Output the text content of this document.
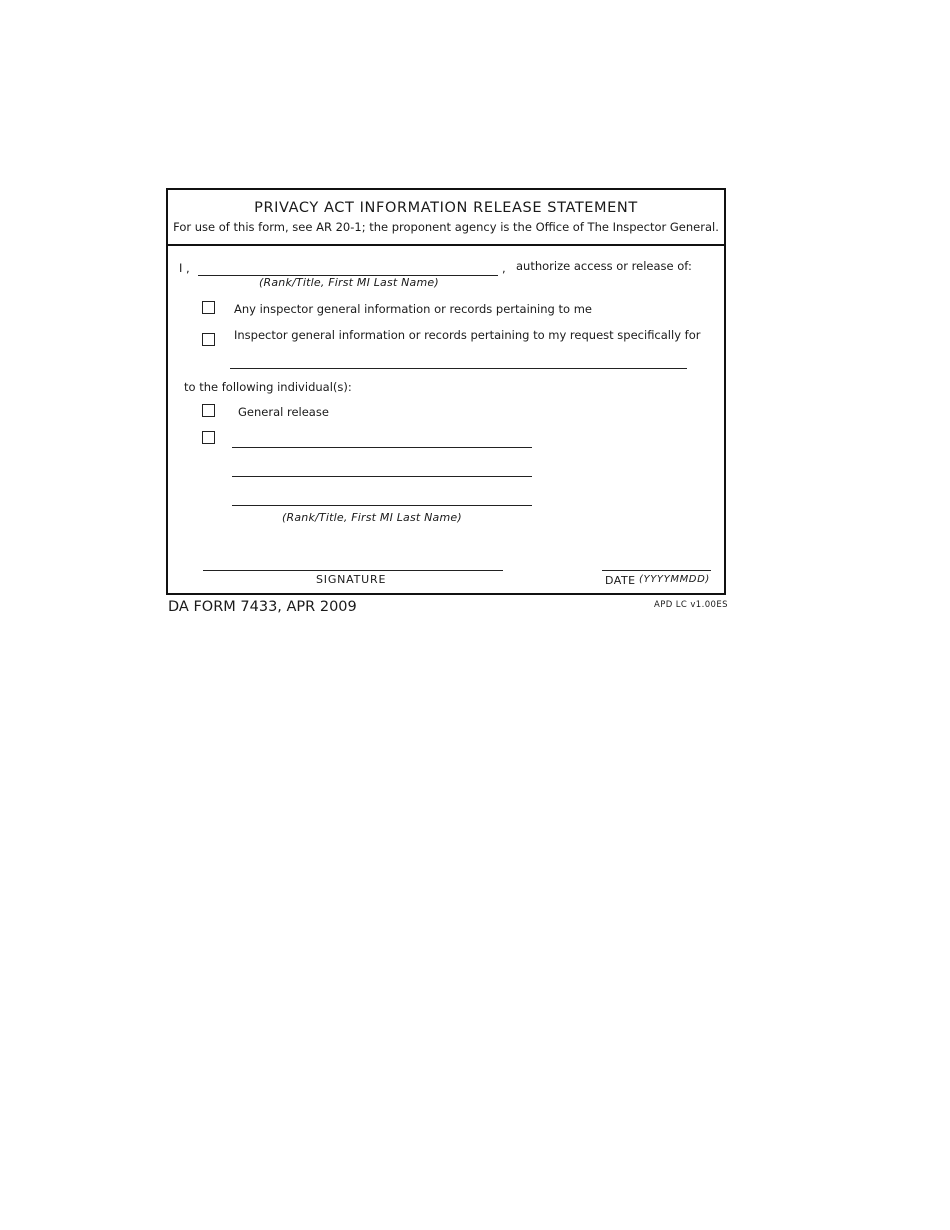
PRIVACY ACT INFORMATION RELEASE STATEMENT
For use of this form, see AR 20-1; the proponent agency is the Office of The Inspector General.
I ,	, authorize access or release of:
(Rank/Title, First MI Last Name)
Any inspector general information or records pertaining to me
Inspector general information or records pertaining to my request specifically for
to the following individual(s):
General release
(Rank/Title, First MI Last Name)
SIGNATURE	DATE (YYYYMMDD)
DA FORM 7433, APR 2009	APD LC v1.00ES
